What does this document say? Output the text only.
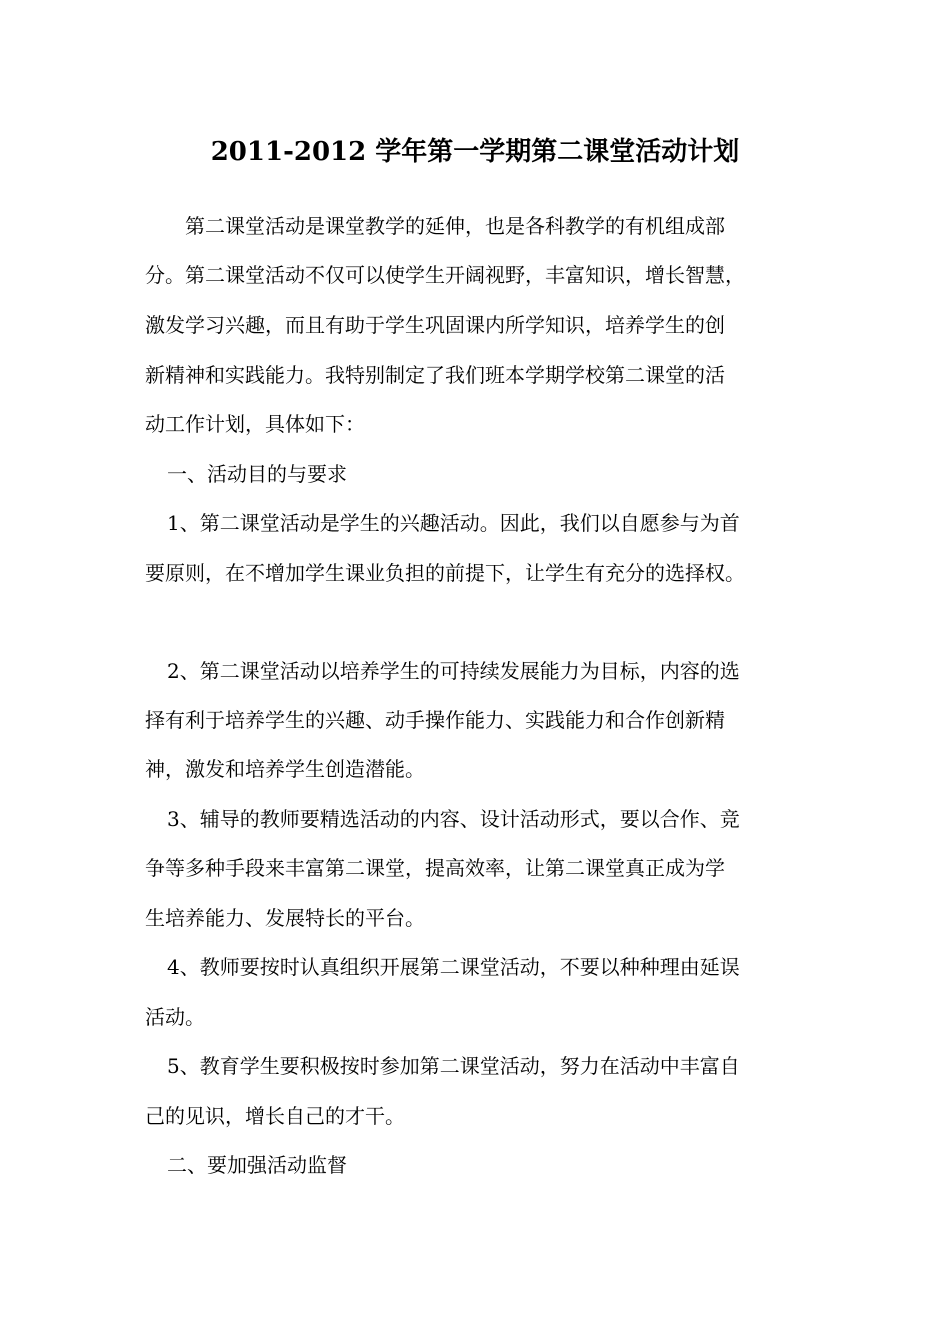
2011-2012 学年第一学期第二课堂活动计划
　　第二课堂活动是课堂教学的延伸，也是各科教学的有机组成部
分。第二课堂活动不仅可以使学生开阔视野，丰富知识，增长智慧，
激发学习兴趣，而且有助于学生巩固课内所学知识，培养学生的创
新精神和实践能力。我特别制定了我们班本学期学校第二课堂的活
动工作计划，具体如下：
一、活动目的与要求
1、第二课堂活动是学生的兴趣活动。因此，我们以自愿参与为首
要原则，在不增加学生课业负担的前提下，让学生有充分的选择权。
2、第二课堂活动以培养学生的可持续发展能力为目标，内容的选
择有利于培养学生的兴趣、动手操作能力、实践能力和合作创新精
神，激发和培养学生创造潜能。
3、辅导的教师要精选活动的内容、设计活动形式，要以合作、竞
争等多种手段来丰富第二课堂，提高效率，让第二课堂真正成为学
生培养能力、发展特长的平台。
4、教师要按时认真组织开展第二课堂活动，不要以种种理由延误
活动。
5、教育学生要积极按时参加第二课堂活动，努力在活动中丰富自
己的见识，增长自己的才干。
二、要加强活动监督
